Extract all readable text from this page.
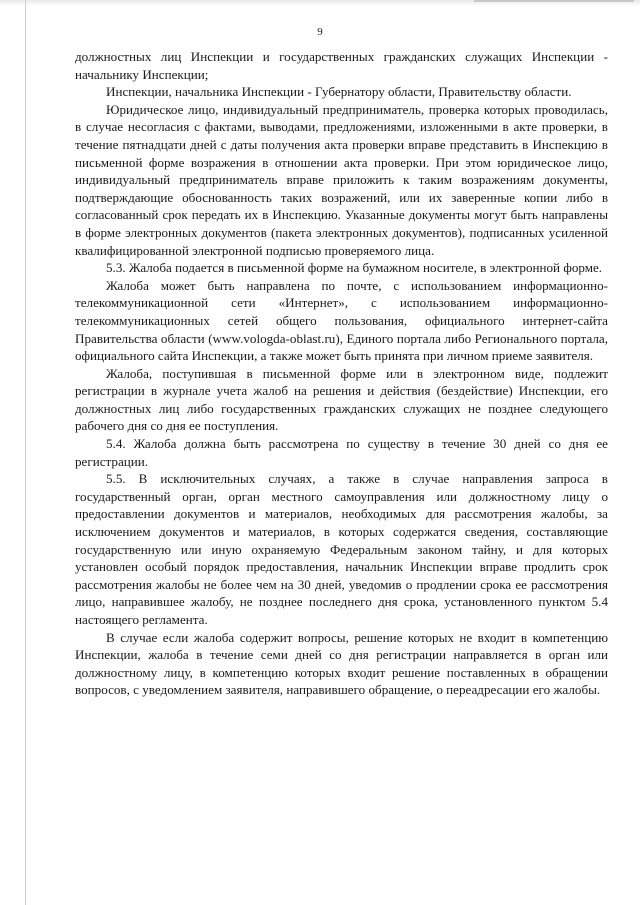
9

должностных лиц Инспекции и государственных гражданских служащих Инспекции - начальнику Инспекции;

Инспекции, начальника Инспекции - Губернатору области, Правительству области.

Юридическое лицо, индивидуальный предприниматель, проверка которых проводилась, в случае несогласия с фактами, выводами, предложениями, изложенными в акте проверки, в течение пятнадцати дней с даты получения акта проверки вправе представить в Инспекцию в письменной форме возражения в отношении акта проверки. При этом юридическое лицо, индивидуальный предприниматель вправе приложить к таким возражениям документы, подтверждающие обоснованность таких возражений, или их заверенные копии либо в согласованный срок передать их в Инспекцию. Указанные документы могут быть направлены в форме электронных документов (пакета электронных документов), подписанных усиленной квалифицированной электронной подписью проверяемого лица.

5.3. Жалоба подается в письменной форме на бумажном носителе, в электронной форме.

Жалоба может быть направлена по почте, с использованием информационно-телекоммуникационной сети «Интернет», с использованием информационно-телекоммуникационных сетей общего пользования, официального интернет-сайта Правительства области (www.vologda-oblast.ru), Единого портала либо Регионального портала, официального сайта Инспекции, а также может быть принята при личном приеме заявителя.

Жалоба, поступившая в письменной форме или в электронном виде, подлежит регистрации в журнале учета жалоб на решения и действия (бездействие) Инспекции, его должностных лиц либо государственных гражданских служащих не позднее следующего рабочего дня со дня ее поступления.

5.4. Жалоба должна быть рассмотрена по существу в течение 30 дней со дня ее регистрации.

5.5. В исключительных случаях, а также в случае направления запроса в государственный орган, орган местного самоуправления или должностному лицу о предоставлении документов и материалов, необходимых для рассмотрения жалобы, за исключением документов и материалов, в которых содержатся сведения, составляющие государственную или иную охраняемую Федеральным законом тайну, и для которых установлен особый порядок предоставления, начальник Инспекции вправе продлить срок рассмотрения жалобы не более чем на 30 дней, уведомив о продлении срока ее рассмотрения лицо, направившее жалобу, не позднее последнего дня срока, установленного пунктом 5.4 настоящего регламента.

В случае если жалоба содержит вопросы, решение которых не входит в компетенцию Инспекции, жалоба в течение семи дней со дня регистрации направляется в орган или должностному лицу, в компетенцию которых входит решение поставленных в обращении вопросов, с уведомлением заявителя, направившего обращение, о переадресации его жалобы.
